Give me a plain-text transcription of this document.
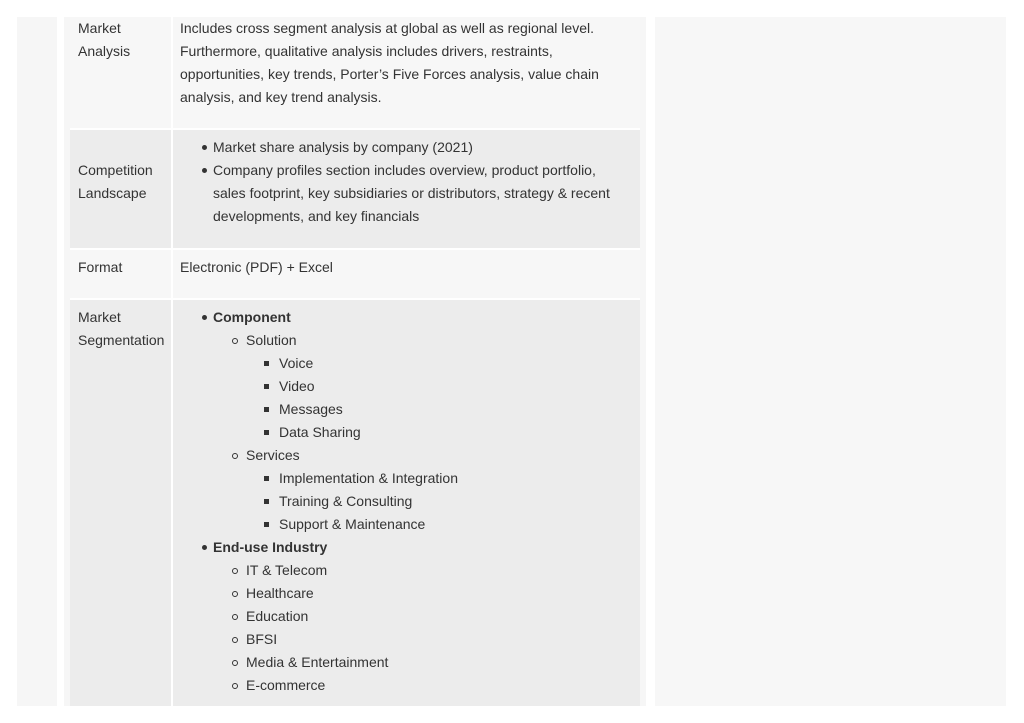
Market
Analysis
Includes cross segment analysis at global as well as regional level. Furthermore, qualitative analysis includes drivers, restraints, opportunities, key trends, Porter’s Five Forces analysis, value chain analysis, and key trend analysis.
Competition
Landscape
Market share analysis by company (2021)
Company profiles section includes overview, product portfolio, sales footprint, key subsidiaries or distributors, strategy & recent developments, and key financials
Format	Electronic (PDF) + Excel
Market
Segmentation
Component
Solution
Voice
Video
Messages
Data Sharing
Services
Implementation & Integration
Training & Consulting
Support & Maintenance
End-use Industry
IT & Telecom
Healthcare
Education
BFSI
Media & Entertainment
E-commerce
